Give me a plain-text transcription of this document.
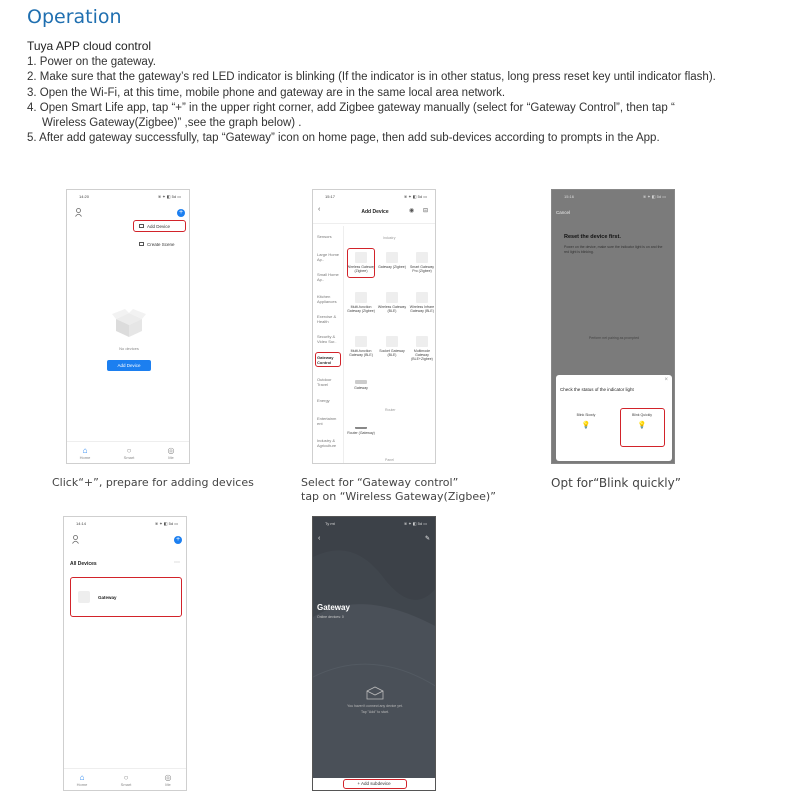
Operation
Tuya APP cloud control
1. Power on the gateway.
2. Make sure that the gateway’s red LED indicator is blinking (If the indicator is in other status, long press reset key until indicator flash).
3. Open the Wi-Fi, at this time, mobile phone and gateway are in the same local area network.
4. Open Smart Life app, tap “+” in the upper right corner, add Zigbee gateway manually (select for “Gateway Control”, then tap “
Wireless Gateway(Zigbee)” ,see the graph below) .
5. After add gateway successfully, tap “Gateway” icon on home page, then add sub-devices according to prompts in the App.
14:20	※ ✦ ◧ 5d ▭
+
Add Device
Create Scene
No devices
Add Device
⌂
Home
○
Smart
◎
Me
Click“+”, prepare for adding devices
15:17	※ ✦ ◧ 5d ▭
‹	Add Device	◉ ⊟
Sensors
Large Home Ap..
Small Home Ap..
Kitchen Appliances
Exercise & Health
Security & Video Sur..
Gateway Control
Outdoor Travel
Energy
Entertainm ent
Industry & Agriculture
Industry
Wireless Gateway (Zigbee)
Gateway (Zigbee)	Smart Gateway Pro (Zigbee)
Multi-function Gateway (Zigbee)
Wireless Gateway (BLE)
Wireless Infrare Gateway (BLE)
Multi-function Gateway (BLE)
Socket Gateway (BLE)
Multimode Gateway (BLE+Zigbee)
Gateway
Router
Router (Gateway)
Panel
Select for “Gateway control”
tap on “Wireless Gateway(Zigbee)”
15:16	※ ✦ ◧ 5d ▭
Cancel
Reset the device first.
Power on the device, make sure the indicator light is on and the red light is blinking.
Perform net pairing as prompted
×
Check the status of the indicator light
Blink Slowly
💡
Blink Quickly
💡
Opt for“Blink quickly”
14:14	※ ✦ ◧ 5d ▭
+
All Devices	⋯
Gateway
⌂
Home
○
Smart
◎
Me
Ty mt	※ ✦ ◧ 5d ▭
‹	✎
Gateway
Online devices: 0
You haven’t connect any device yet.
Tap "Add" to start.
+ Add subdevice
